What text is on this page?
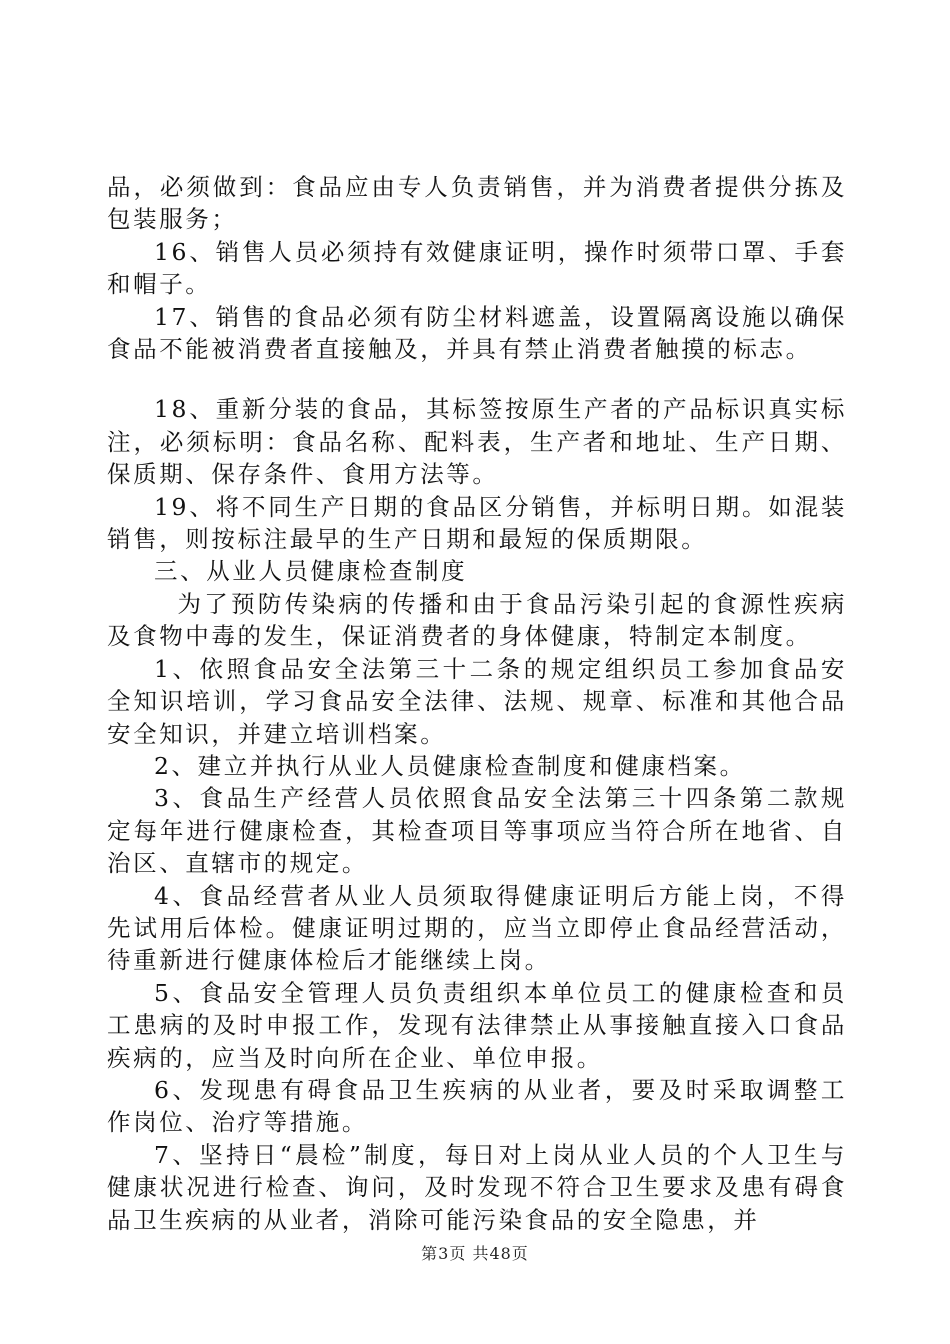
品，必须做到：食品应由专人负责销售，并为消费者提供分拣及包装服务；

16、销售人员必须持有效健康证明，操作时须带口罩、手套和帽子。

17、销售的食品必须有防尘材料遮盖，设置隔离设施以确保食品不能被消费者直接触及，并具有禁止消费者触摸的标志。

18、重新分装的食品，其标签按原生产者的产品标识真实标注，必须标明：食品名称、配料表，生产者和地址、生产日期、保质期、保存条件、食用方法等。

19、将不同生产日期的食品区分销售，并标明日期。如混装销售，则按标注最早的生产日期和最短的保质期限。

三、从业人员健康检查制度

为了预防传染病的传播和由于食品污染引起的食源性疾病及食物中毒的发生，保证消费者的身体健康，特制定本制度。

1、依照食品安全法第三十二条的规定组织员工参加食品安全知识培训，学习食品安全法律、法规、规章、标准和其他合品安全知识，并建立培训档案。

2、建立并执行从业人员健康检查制度和健康档案。

3、食品生产经营人员依照食品安全法第三十四条第二款规定每年进行健康检查，其检查项目等事项应当符合所在地省、自治区、直辖市的规定。

4、食品经营者从业人员须取得健康证明后方能上岗，不得先试用后体检。健康证明过期的，应当立即停止食品经营活动，待重新进行健康体检后才能继续上岗。

5、食品安全管理人员负责组织本单位员工的健康检查和员工患病的及时申报工作，发现有法律禁止从事接触直接入口食品疾病的，应当及时向所在企业、单位申报。

6、发现患有碍食品卫生疾病的从业者，要及时采取调整工作岗位、治疗等措施。

7、坚持日“晨检”制度，每日对上岗从业人员的个人卫生与健康状况进行检查、询问，及时发现不符合卫生要求及患有碍食品卫生疾病的从业者，消除可能污染食品的安全隐患，并

第3页 共48页
